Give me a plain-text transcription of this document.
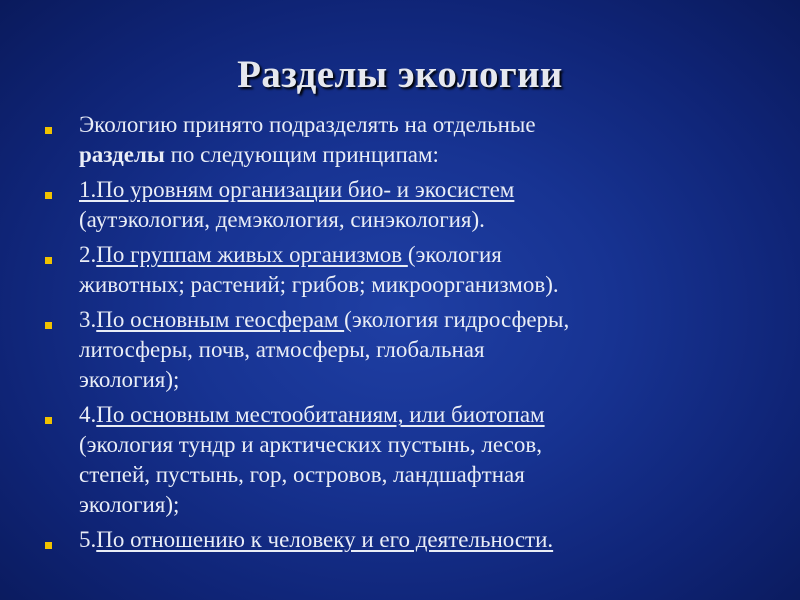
Разделы экологии
Экологию принято подразделять на отдельные
разделы по следующим принципам:
1.По уровням организации био- и экосистем
(аутэкология, демэкология, синэкология).
2.По группам живых организмов (экология
животных; растений; грибов; микроорганизмов).
3.По основным геосферам (экология гидросферы,
литосферы, почв, атмосферы, глобальная
экология);
4.По основным местообитаниям, или биотопам
(экология тундр и арктических пустынь, лесов,
степей, пустынь, гор, островов, ландшафтная
экология);
5.По отношению к человеку и его деятельности.
